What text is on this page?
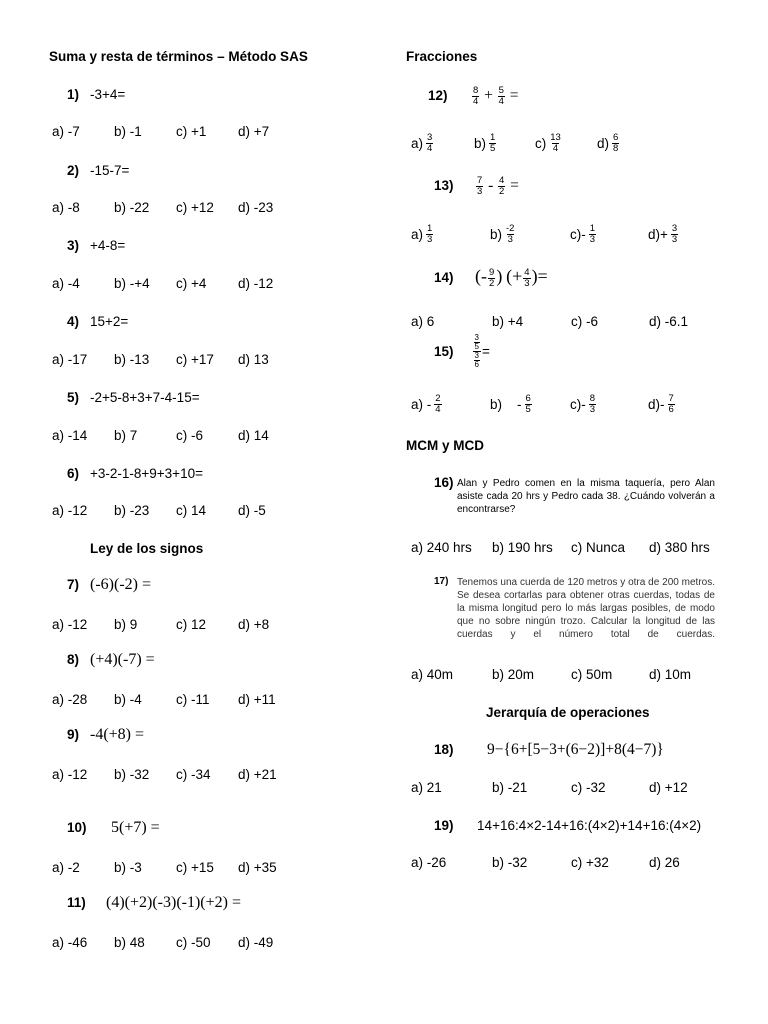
Suma y resta de términos – Método SAS
1) -3+4=
a) -7	b) -1	c) +1 d) +7
2) -15-7=
a) -8	b) -22 c) +12 d) -23
3) +4-8=
a) -4	b) -+4 c) +4 d) -12
4) 15+2=
a) -17 b) -13 c) +17 d) 13
5) -2+5-8+3+7-4-15=
a) -14 b) 7	c) -6	d) 14
6) +3-2-1-8+9+3+10=
a) -12 b) -23 c) 14 d) -5
7) (-6)(-2) =
a) -12 b) 9	c) 12 d) +8
8) (+4)(-7) =
a) -28 b) -4	c) -11 d) +11
9) -4(+8) =
a) -12 b) -32 c) -34 d) +21
10) 5(+7) =
a) -2	b) -3	c) +15 d) +35
11) (4)(+2)(-3)(-1)(+2) =
a) -46 b) 48 c) -50 d) -49
Ley de los signos
Fracciones
12)	$\frac{8}{4} + \frac{5}{4}$ =
$a) \frac{3}{4}$	$b) \frac{1}{5}$	$c) \frac{13}{4}$	$d) \frac{6}{8}$
$13) \frac{7}{3} - \frac{4}{2}$ =
$a) \frac{1}{3}$	$b) \frac{-2}{3}$	$c)- \frac{1}{3}$	$d)+ \frac{3}{3}$
14) (- $\frac{9}{2}$ ) (+ $\frac{4}{3}$ )=
a) 6	b) +4	c) -6	d) -6.1
$15) \frac{\frac{3}{5}}{\frac{3}{6}}$ =
$a) - \frac{2}{4}$	b)    - $\frac{6}{5}$	$c)- \frac{8}{3}$	$d)- \frac{7}{6}$
MCM y MCD
16) Alan y Pedro comen en la misma taquería, pero Alan asiste cada 20 hrs y Pedro cada 38. ¿Cuándo volverán a encontrarse?
a) 240 hrs b) 190 hrs c) Nunca d) 380 hrs
17) Tenemos una cuerda de 120 metros y otra de 200 metros. Se desea cortarlas para obtener otras cuerdas, todas de la misma longitud pero lo más largas posibles, de modo que no sobre ningún trozo. Calcular la longitud de las cuerdas y el número total de cuerdas.
a) 40m	b) 20m	c) 50m	d) 10m
Jerarquía de operaciones
18) 9−{6+[5−3+(6−2)]+8(4−7)}
a) 21	b) -21	c) -32	d) +12
19) 14+16:4×2-14+16:(4×2)+14+16:(4×2)
a) -26	b) -32	c) +32	d) 26
